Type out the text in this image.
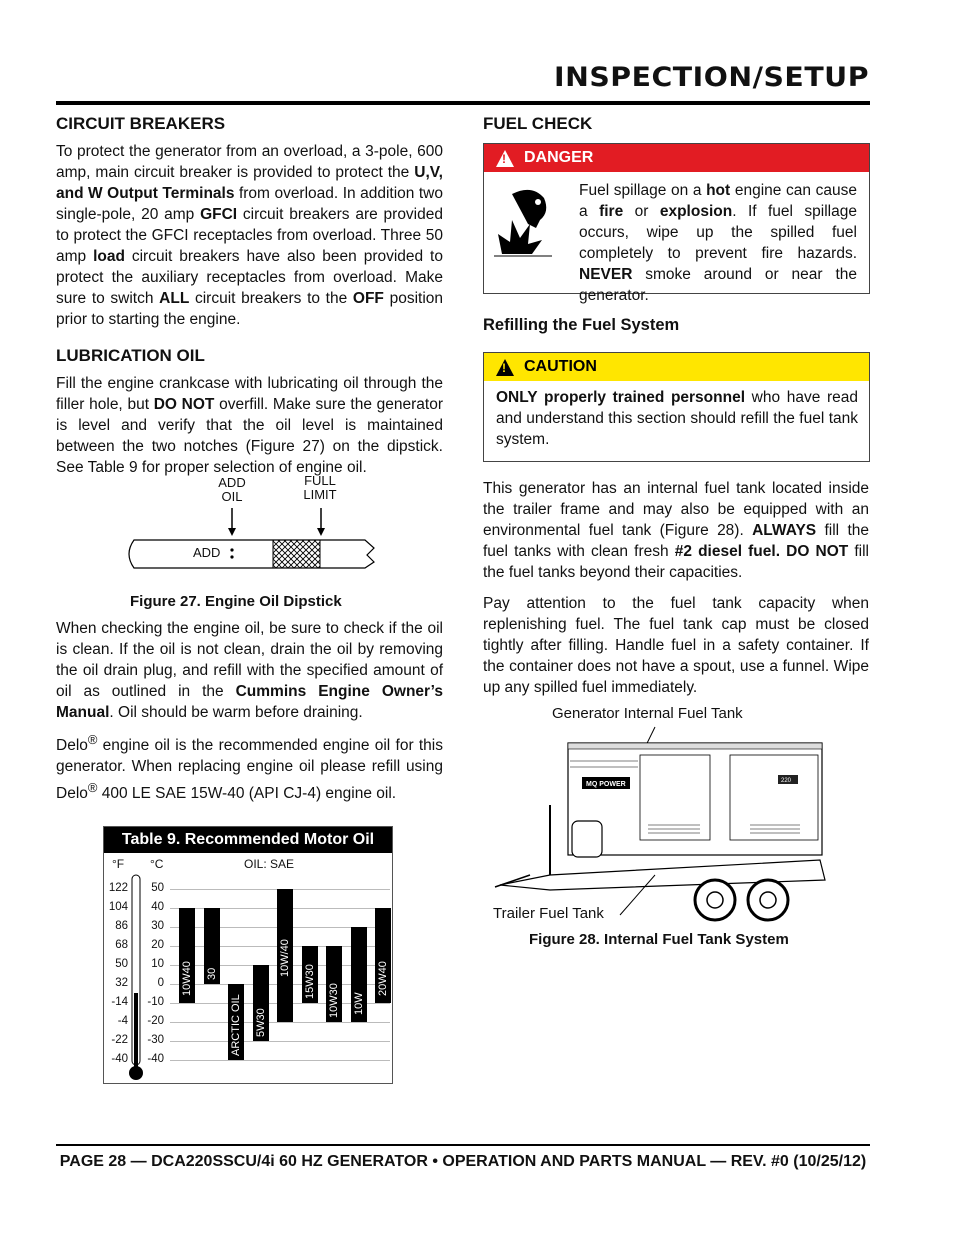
INSPECTION/SETUP
CIRCUIT BREAKERS

To protect the generator from an overload, a 3-pole, 600 amp, main circuit breaker is provided to protect the U,V, and W Output Terminals from overload. In addition two single-pole, 20 amp GFCI circuit breakers are provided to protect the GFCI receptacles from overload. Three 50 amp load circuit breakers have also been provided to protect the auxiliary receptacles from overload. Make sure to switch ALL circuit breakers to the OFF position prior to starting the engine.

LUBRICATION OIL

Fill the engine crankcase with lubricating oil through the filler hole, but DO NOT overfill. Make sure the generator is level and verify that the oil level is maintained between the two notches (Figure 27) on the dipstick. See Table 9 for proper selection of engine oil.

ADD
OIL
FULL
LIMIT
ADD
Figure 27. Engine Oil Dipstick

When checking the engine oil, be sure to check if the oil is clean. If the oil is not clean, drain the oil by removing the oil drain plug, and refill with the specified amount of oil as outlined in the Cummins Engine Owner’s Manual. Oil should be warm before draining.

Delo® engine oil is the recommended engine oil for this generator. When replacing engine oil please refill using Delo® 400 LE SAE 15W-40 (API CJ-4) engine oil.

Table 9. Recommended Motor Oil
°F °C	OIL: SAE
122	50
104	40
86	30
68	20
50	10
32	0
-14	-10
-4	-20
-22	-30
-40	-40
10W40 30
ARCTIC OIL 5W30
10W/40
15W30
10W30 10W
20W40
FUEL CHECK
! DANGER

Fuel spillage on a hot engine can cause a fire or explosion. If fuel spillage occurs, wipe up the spilled fuel completely to prevent fire hazards. NEVER smoke around or near the generator.

Refilling the Fuel System
! CAUTION

ONLY properly trained personnel who have read and understand this section should refill the fuel tank system.

This generator has an internal fuel tank located inside the trailer frame and may also be equipped with an environmental fuel tank (Figure 28). ALWAYS fill the fuel tanks with clean fresh #2 diesel fuel. DO NOT fill the fuel tanks beyond their capacities.

Pay attention to the fuel tank capacity when replenishing fuel. The fuel tank cap must be closed tightly after filling. Handle fuel in a safety container. If the container does not have a spout, use a funnel. Wipe up any spilled fuel immediately.

Generator Internal Fuel Tank
MQ POWER	220
Trailer Fuel Tank
Figure 28. Internal Fuel Tank System
PAGE 28 — DCA220SSCU/4i 60 HZ GENERATOR • OPERATION AND PARTS MANUAL — REV. #0 (10/25/12)
